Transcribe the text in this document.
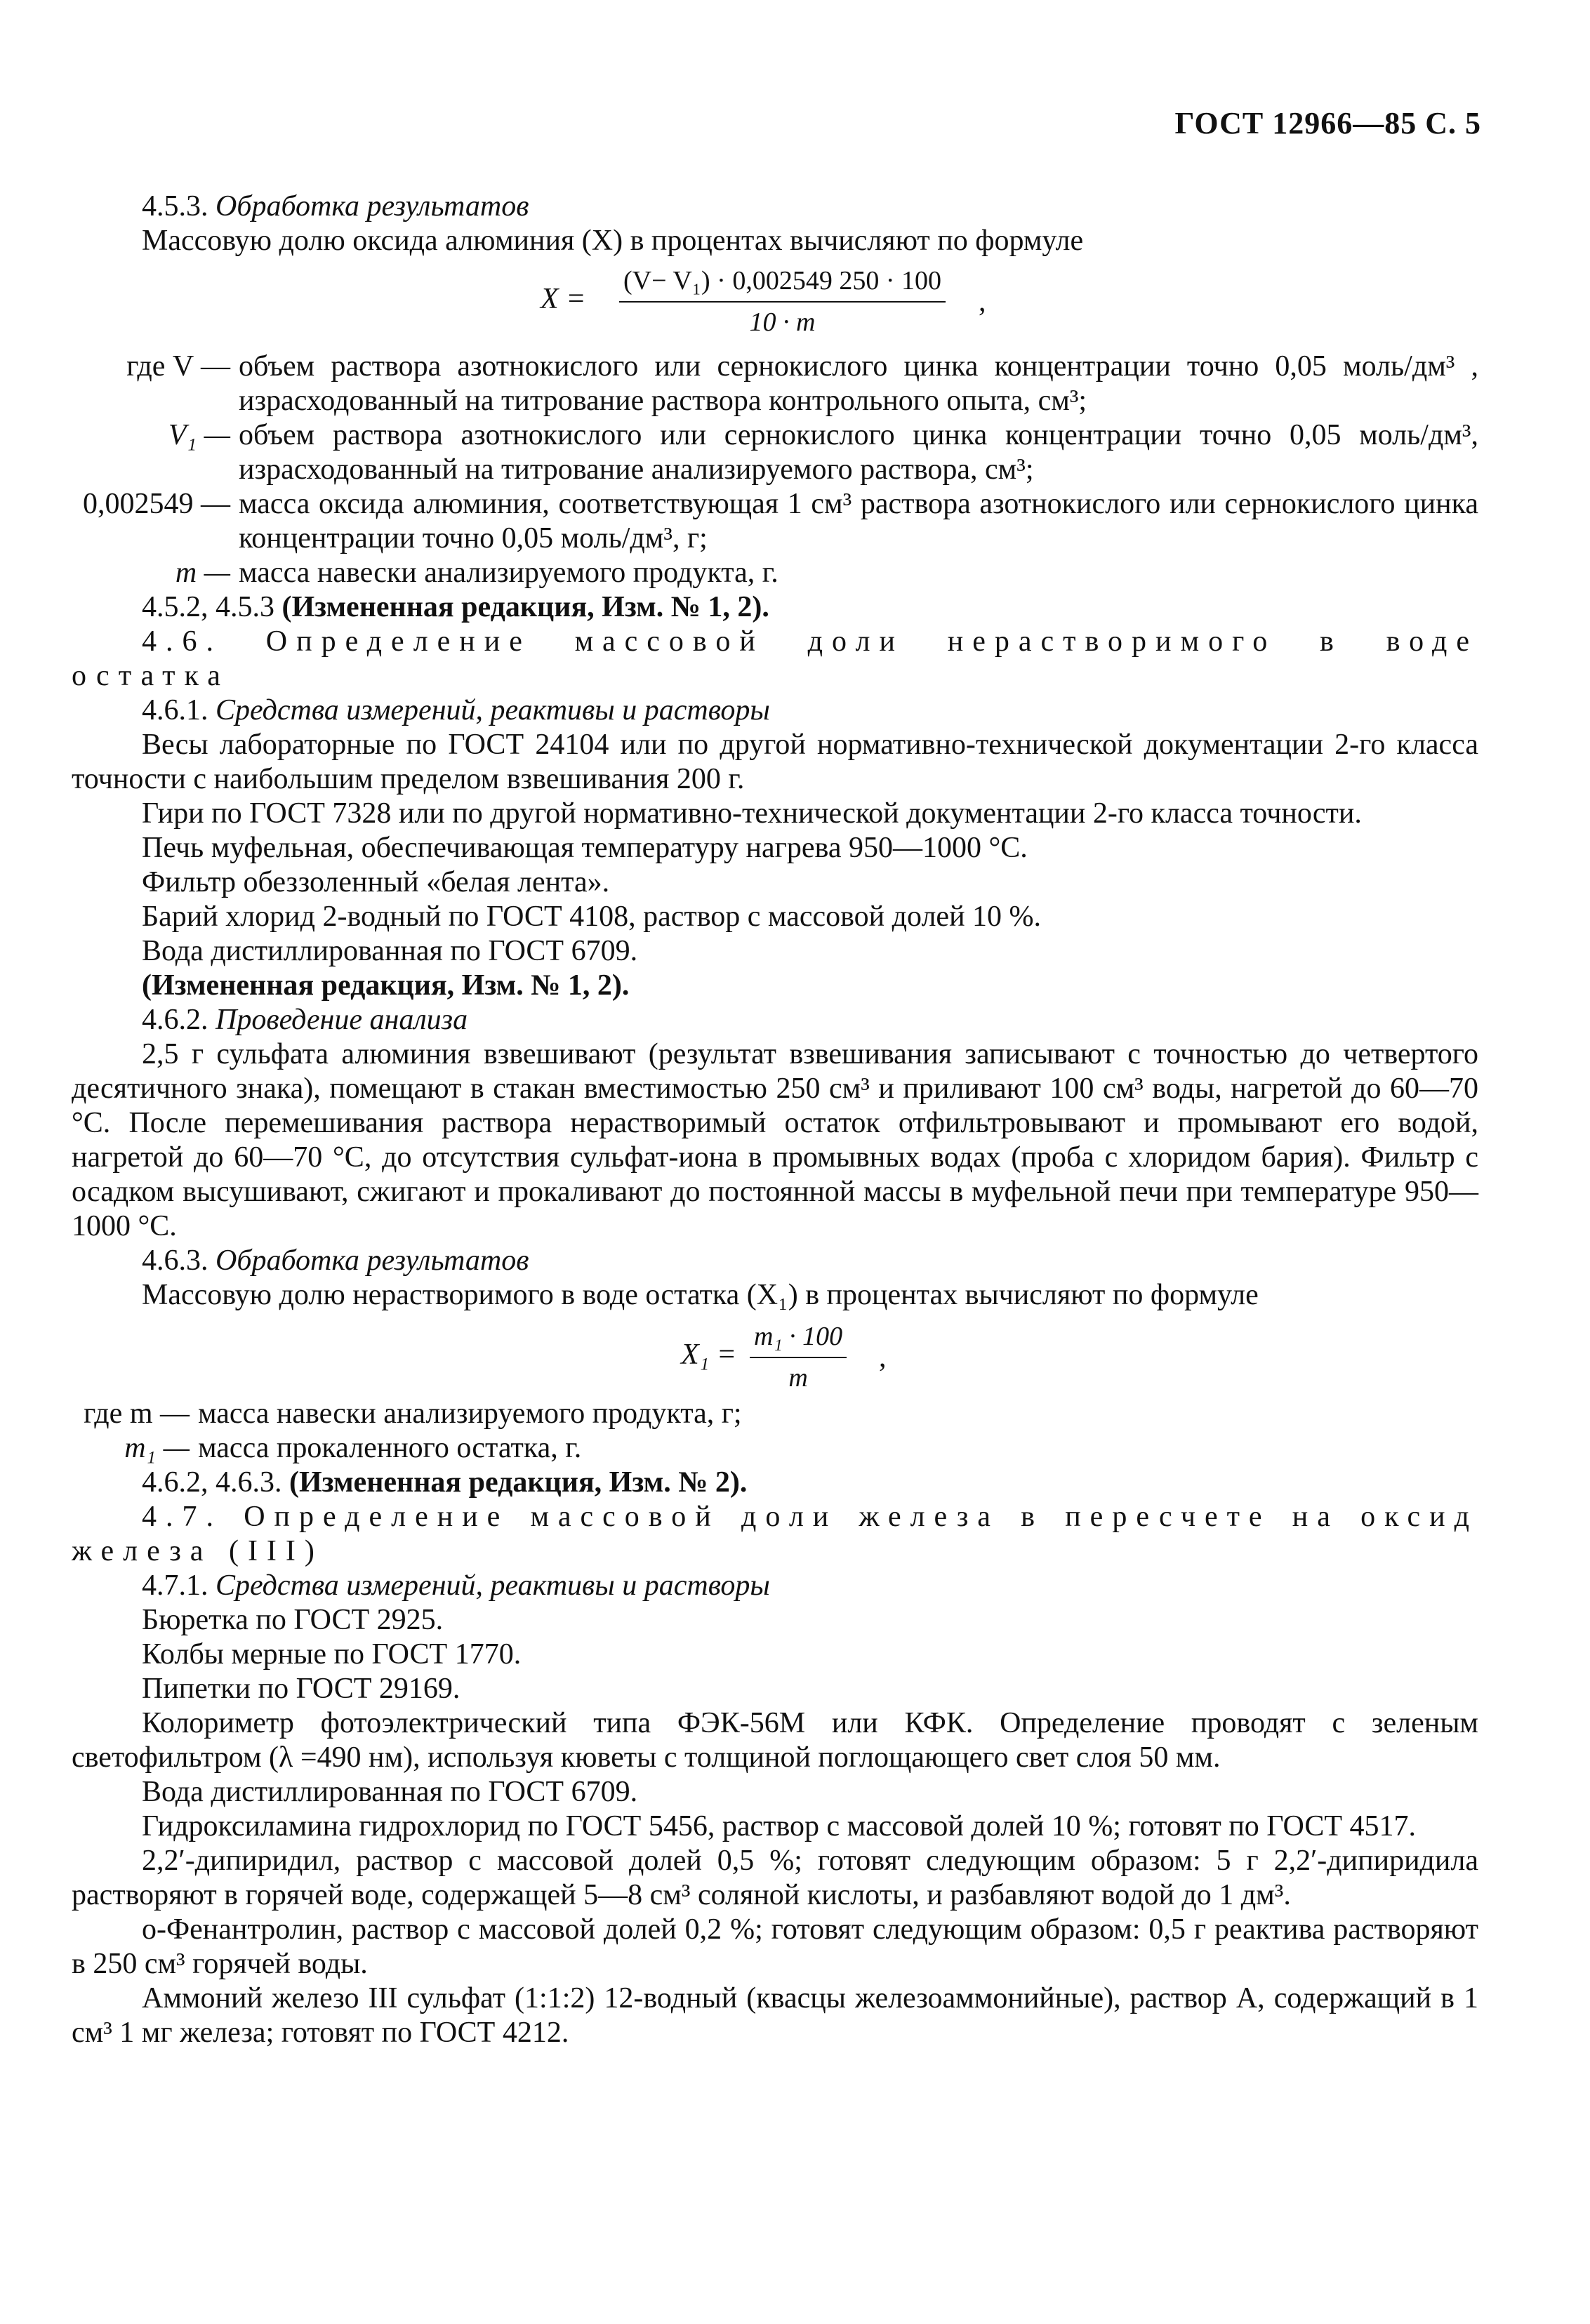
ГОСТ 12966—85 С. 5

4.5.3. Обработка результатов

Массовую долю оксида алюминия (X) в процентах вычисляют по формуле

$X = \frac{\text{(V− V₁) · 0,002549 250 · 100}}{10 \cdot m}$ ,
где V — объем раствора азотнокислого или сернокислого цинка концентрации точно 0,05 моль/дм³ , израсходованный на титрование раствора контрольного опыта, см³;
V₁ — объем раствора азотнокислого или сернокислого цинка концентрации точно 0,05 моль/дм³, израсходованный на титрование анализируемого раствора, см³;
0,002549 — масса оксида алюминия, соответствующая 1 см³ раствора азотнокислого или сернокислого цинка концентрации точно 0,05 моль/дм³, г;
m — масса навески анализируемого продукта, г.

4.5.2, 4.5.3 (Измененная редакция, Изм. № 1, 2).

4.6. Определение массовой доли нерастворимого в воде остатка

4.6.1. Средства измерений, реактивы и растворы

Весы лабораторные по ГОСТ 24104 или по другой нормативно-технической документации 2-го класса точности с наибольшим пределом взвешивания 200 г.

Гири по ГОСТ 7328 или по другой нормативно-технической документации 2-го класса точности.

Печь муфельная, обеспечивающая температуру нагрева 950—1000 °С.

Фильтр обеззоленный «белая лента».

Барий хлорид 2-водный по ГОСТ 4108, раствор с массовой долей 10 %.

Вода дистиллированная по ГОСТ 6709.

(Измененная редакция, Изм. № 1, 2).

4.6.2. Проведение анализа

2,5 г сульфата алюминия взвешивают (результат взвешивания записывают с точностью до четвертого десятичного знака), помещают в стакан вместимостью 250 см³ и приливают 100 см³ воды, нагретой до 60—70 °С. После перемешивания раствора нерастворимый остаток отфильтровывают и промывают его водой, нагретой до 60—70 °С, до отсутствия сульфат-иона в промывных водах (проба с хлоридом бария). Фильтр с осадком высушивают, сжигают и прокаливают до постоянной массы в муфельной печи при температуре 950—1000 °С.

4.6.3. Обработка результатов

Массовую долю нерастворимого в воде остатка (X₁) в процентах вычисляют по формуле

$X_1 = \frac{\text{m₁ · 100}}{m}$ ,
где m — масса навески анализируемого продукта, г;
m₁ — масса прокаленного остатка, г.

4.6.2, 4.6.3. (Измененная редакция, Изм. № 2).

4.7. Определение массовой доли железа в пересчете на оксид железа (III)

4.7.1. Средства измерений, реактивы и растворы

Бюретка по ГОСТ 2925.

Колбы мерные по ГОСТ 1770.

Пипетки по ГОСТ 29169.

Колориметр фотоэлектрический типа ФЭК-56М или КФК. Определение проводят с зеленым светофильтром (λ =490 нм), используя кюветы с толщиной поглощающего свет слоя 50 мм.

Вода дистиллированная по ГОСТ 6709.

Гидроксиламина гидрохлорид по ГОСТ 5456, раствор с массовой долей 10 %; готовят по ГОСТ 4517.

2,2′-дипиридил, раствор с массовой долей 0,5 %; готовят следующим образом: 5 г 2,2′-дипиридила растворяют в горячей воде, содержащей 5—8 см³ соляной кислоты, и разбавляют водой до 1 дм³.

о-Фенантролин, раствор с массовой долей 0,2 %; готовят следующим образом: 0,5 г реактива растворяют в 250 см³ горячей воды.

Аммоний железо III сульфат (1:1:2) 12-водный (квасцы железоаммонийные), раствор А, содержащий в 1 см³ 1 мг железа; готовят по ГОСТ 4212.
